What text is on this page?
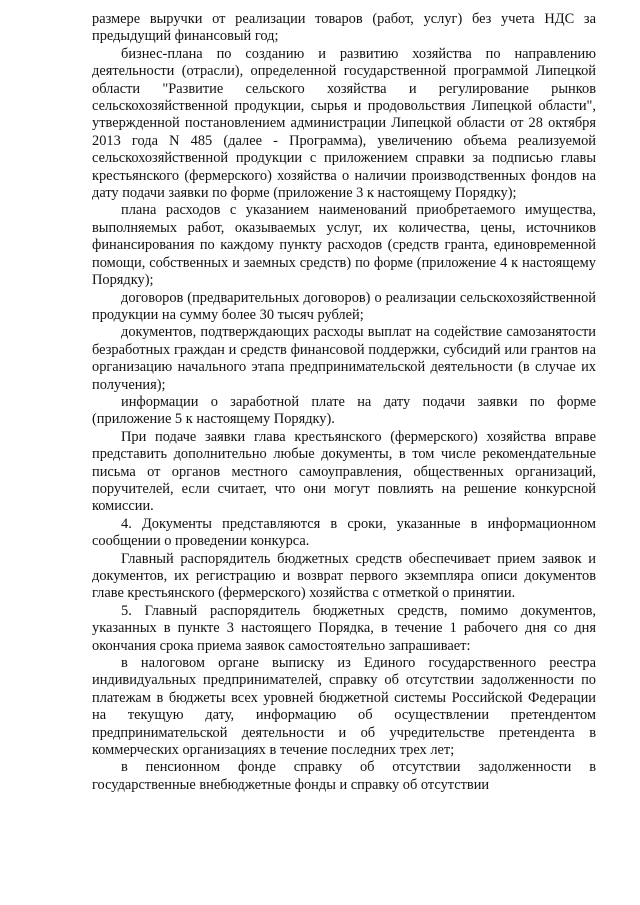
размере выручки от реализации товаров (работ, услуг) без учета НДС за предыдущий финансовый год;

бизнес-плана по созданию и развитию хозяйства по направлению деятельности (отрасли), определенной государственной программой Липецкой области "Развитие сельского хозяйства и регулирование рынков сельскохозяйственной продукции, сырья и продовольствия Липецкой области", утвержденной постановлением администрации Липецкой области от 28 октября 2013 года N 485 (далее - Программа), увеличению объема реализуемой сельскохозяйственной продукции с приложением справки за подписью главы крестьянского (фермерского) хозяйства о наличии производственных фондов на дату подачи заявки по форме (приложение 3 к настоящему Порядку);

плана расходов с указанием наименований приобретаемого имущества, выполняемых работ, оказываемых услуг, их количества, цены, источников финансирования по каждому пункту расходов (средств гранта, единовременной помощи, собственных и заемных средств) по форме (приложение 4 к настоящему Порядку);

договоров (предварительных договоров) о реализации сельскохозяйственной продукции на сумму более 30 тысяч рублей;

документов, подтверждающих расходы выплат на содействие самозанятости безработных граждан и средств финансовой поддержки, субсидий или грантов на организацию начального этапа предпринимательской деятельности (в случае их получения);

информации о заработной плате на дату подачи заявки по форме (приложение 5 к настоящему Порядку).

При подаче заявки глава крестьянского (фермерского) хозяйства вправе представить дополнительно любые документы, в том числе рекомендательные письма от органов местного самоуправления, общественных организаций, поручителей, если считает, что они могут повлиять на решение конкурсной комиссии.

4. Документы представляются в сроки, указанные в информационном сообщении о проведении конкурса.

Главный распорядитель бюджетных средств обеспечивает прием заявок и документов, их регистрацию и возврат первого экземпляра описи документов главе крестьянского (фермерского) хозяйства с отметкой о принятии.

5. Главный распорядитель бюджетных средств, помимо документов, указанных в пункте 3 настоящего Порядка, в течение 1 рабочего дня со дня окончания срока приема заявок самостоятельно запрашивает:

в налоговом органе выписку из Единого государственного реестра индивидуальных предпринимателей, справку об отсутствии задолженности по платежам в бюджеты всех уровней бюджетной системы Российской Федерации на текущую дату, информацию об осуществлении претендентом предпринимательской деятельности и об учредительстве претендента в коммерческих организациях в течение последних трех лет;

в пенсионном фонде справку об отсутствии задолженности в государственные внебюджетные фонды и справку об отсутствии
